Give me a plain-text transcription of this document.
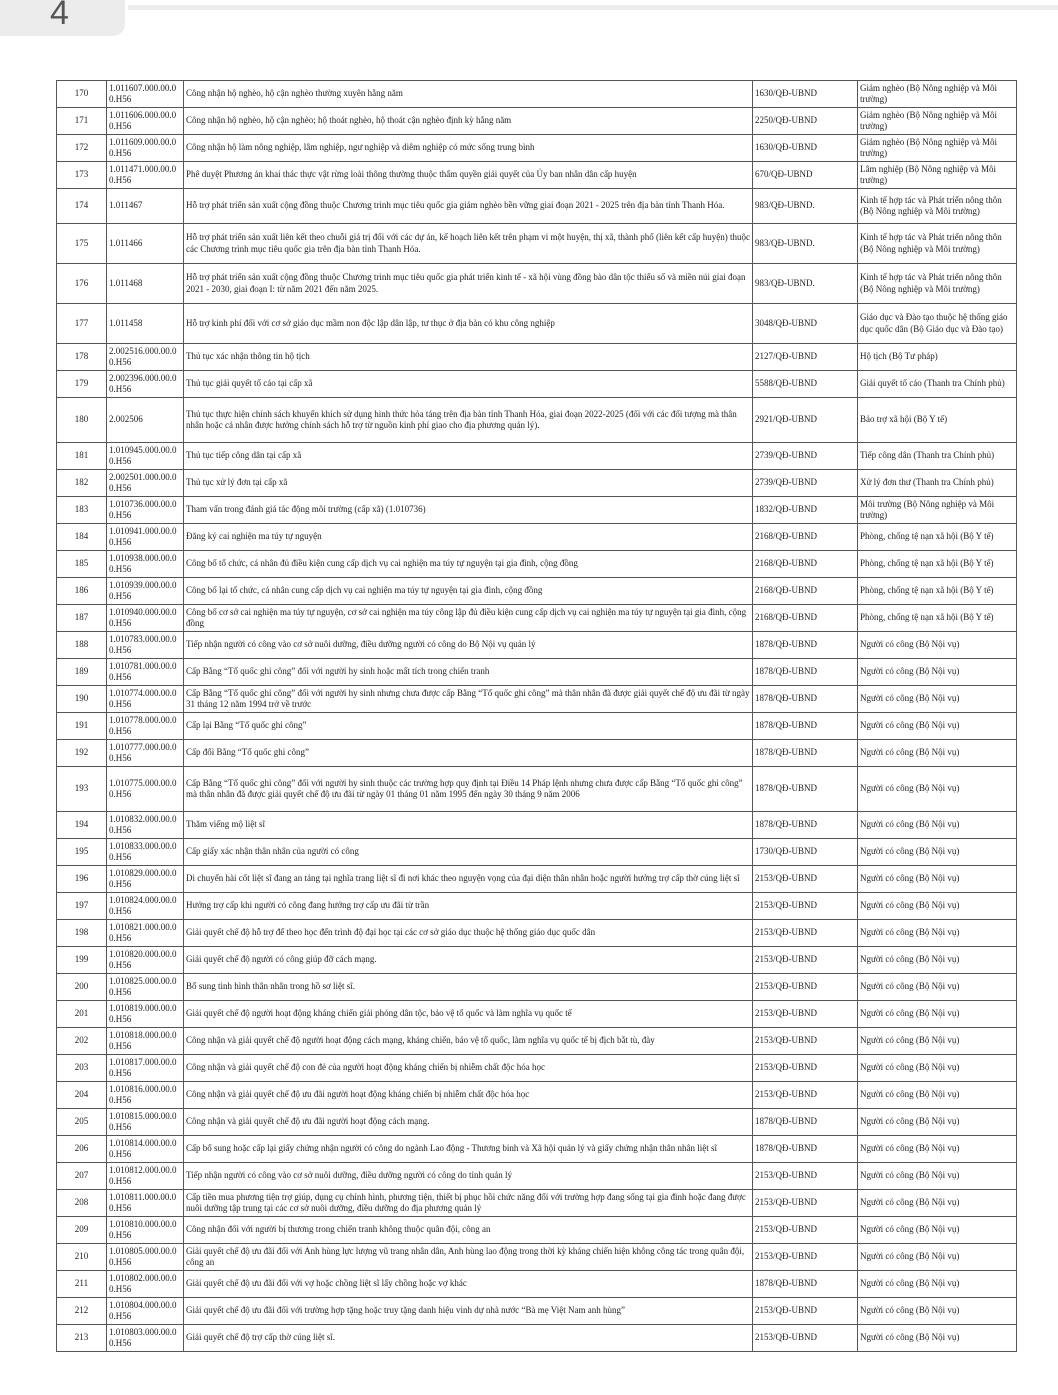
4
170	1.011607.000.00.00.H56	Công nhận hộ nghèo, hộ cận nghèo thường xuyên hằng năm	1630/QĐ-UBND	Giảm nghèo (Bộ Nông nghiệp và Môi trường)
171	1.011606.000.00.00.H56	Công nhận hộ nghèo, hộ cận nghèo; hộ thoát nghèo, hộ thoát cận nghèo định kỳ hằng năm	2250/QĐ-UBND	Giảm nghèo (Bộ Nông nghiệp và Môi trường)
172	1.011609.000.00.00.H56	Công nhận hộ làm nông nghiệp, lâm nghiệp, ngư nghiệp và diêm nghiệp có mức sống trung bình	1630/QĐ-UBND	Giảm nghèo (Bộ Nông nghiệp và Môi trường)
173	1.011471.000.00.00.H56	Phê duyệt Phương án khai thác thực vật rừng loài thông thường thuộc thẩm quyền giải quyết của Ủy ban nhân dân cấp huyện	670/QĐ-UBND	Lâm nghiệp (Bộ Nông nghiệp và Môi trường)
174	1.011467	Hỗ trợ phát triển sản xuất cộng đồng thuộc Chương trình mục tiêu quốc gia giảm nghèo bền vững giai đoạn 2021 - 2025 trên địa bàn tỉnh Thanh Hóa.	983/QĐ-UBND.	Kinh tế hợp tác và Phát triển nông thôn (Bộ Nông nghiệp và Môi trường)
175	1.011466	Hỗ trợ phát triển sản xuất liên kết theo chuỗi giá trị đối với các dự án, kế hoạch liên kết trên phạm vi một huyện, thị xã, thành phố (liên kết cấp huyện) thuộc các Chương trình mục tiêu quốc gia trên địa bàn tỉnh Thanh Hóa.	983/QĐ-UBND.	Kinh tế hợp tác và Phát triển nông thôn (Bộ Nông nghiệp và Môi trường)
176	1.011468	Hỗ trợ phát triển sản xuất cộng đồng thuộc Chương trình mục tiêu quốc gia phát triển kinh tế - xã hội vùng đồng bào dân tộc thiểu số và miền núi giai đoạn 2021 - 2030, giai đoạn I: từ năm 2021 đến năm 2025.	983/QĐ-UBND.	Kinh tế hợp tác và Phát triển nông thôn (Bộ Nông nghiệp và Môi trường)
177	1.011458	Hỗ trợ kinh phí đối với cơ sở giáo dục mầm non độc lập dân lập, tư thục ở địa bàn có khu công nghiệp	3048/QĐ-UBND	Giáo dục và Đào tạo thuộc hệ thống giáo dục quốc dân (Bộ Giáo dục và Đào tạo)
178	2.002516.000.00.00.H56	Thủ tục xác nhận thông tin hộ tịch	2127/QĐ-UBND	Hộ tịch (Bộ Tư pháp)
179	2.002396.000.00.00.H56	Thủ tục giải quyết tố cáo tại cấp xã	5588/QĐ-UBND	Giải quyết tố cáo (Thanh tra Chính phủ)
180	2.002506	Thủ tục thực hiện chính sách khuyến khích sử dụng hình thức hỏa táng trên địa bàn tỉnh Thanh Hóa, giai đoạn 2022-2025 (đối với các đối tượng mà thân nhân hoặc cá nhân được hưởng chính sách hỗ trợ từ nguồn kinh phí giao cho địa phương quản lý).	2921/QĐ-UBND	Bảo trợ xã hội (Bộ Y tế)
181	1.010945.000.00.00.H56	Thủ tục tiếp công dân tại cấp xã	2739/QĐ-UBND	Tiếp công dân (Thanh tra Chính phủ)
182	2.002501.000.00.00.H56	Thủ tục xử lý đơn tại cấp xã	2739/QĐ-UBND	Xử lý đơn thư (Thanh tra Chính phủ)
183	1.010736.000.00.00.H56	Tham vấn trong đánh giá tác động môi trường (cấp xã) (1.010736)	1832/QĐ-UBND	Môi trường (Bộ Nông nghiệp và Môi trường)
184	1.010941.000.00.00.H56	Đăng ký cai nghiện ma túy tự nguyện	2168/QĐ-UBND	Phòng, chống tệ nạn xã hội (Bộ Y tế)
185	1.010938.000.00.00.H56	Công bố tổ chức, cá nhân đủ điều kiện cung cấp dịch vụ cai nghiện ma túy tự nguyện tại gia đình, cộng đồng	2168/QĐ-UBND	Phòng, chống tệ nạn xã hội (Bộ Y tế)
186	1.010939.000.00.00.H56	Công bố lại tổ chức, cá nhân cung cấp dịch vụ cai nghiện ma túy tự nguyện tại gia đình, cộng đồng	2168/QĐ-UBND	Phòng, chống tệ nạn xã hội (Bộ Y tế)
187	1.010940.000.00.00.H56	Công bố cơ sở cai nghiện ma túy tự nguyện, cơ sở cai nghiện ma túy công lập đủ điều kiện cung cấp dịch vụ cai nghiện ma túy tự nguyện tại gia đình, cộng đồng	2168/QĐ-UBND	Phòng, chống tệ nạn xã hội (Bộ Y tế)
188	1.010783.000.00.00.H56	Tiếp nhận người có công vào cơ sở nuôi dưỡng, điều dưỡng người có công do Bộ Nội vụ quản lý	1878/QĐ-UBND	Người có công (Bộ Nội vụ)
189	1.010781.000.00.00.H56	Cấp Bằng “Tổ quốc ghi công” đối với người hy sinh hoặc mất tích trong chiến tranh	1878/QĐ-UBND	Người có công (Bộ Nội vụ)
190	1.010774.000.00.00.H56	Cấp Bằng “Tổ quốc ghi công” đối với người hy sinh nhưng chưa được cấp Bằng “Tổ quốc ghi công” mà thân nhân đã được giải quyết chế độ ưu đãi từ ngày 31 tháng 12 năm 1994 trở về trước	1878/QĐ-UBND	Người có công (Bộ Nội vụ)
191	1.010778.000.00.00.H56	Cấp lại Bằng “Tổ quốc ghi công”	1878/QĐ-UBND	Người có công (Bộ Nội vụ)
192	1.010777.000.00.00.H56	Cấp đổi Bằng “Tổ quốc ghi công”	1878/QĐ-UBND	Người có công (Bộ Nội vụ)
193	1.010775.000.00.00.H56	Cấp Bằng “Tổ quốc ghi công” đối với người hy sinh thuộc các trường hợp quy định tại Điều 14 Pháp lệnh nhưng chưa được cấp Bằng “Tổ quốc ghi công” mà thân nhân đã được giải quyết chế độ ưu đãi từ ngày 01 tháng 01 năm 1995 đến ngày 30 tháng 9 năm 2006	1878/QĐ-UBND	Người có công (Bộ Nội vụ)
194	1.010832.000.00.00.H56	Thăm viếng mộ liệt sĩ	1878/QĐ-UBND	Người có công (Bộ Nội vụ)
195	1.010833.000.00.00.H56	Cấp giấy xác nhận thân nhân của người có công	1730/QĐ-UBND	Người có công (Bộ Nội vụ)
196	1.010829.000.00.00.H56	Di chuyển hài cốt liệt sĩ đang an táng tại nghĩa trang liệt sĩ đi nơi khác theo nguyện vọng của đại diện thân nhân hoặc người hưởng trợ cấp thờ cúng liệt sĩ	2153/QĐ-UBND	Người có công (Bộ Nội vụ)
197	1.010824.000.00.00.H56	Hưởng trợ cấp khi người có công đang hưởng trợ cấp ưu đãi từ trần	2153/QĐ-UBND	Người có công (Bộ Nội vụ)
198	1.010821.000.00.00.H56	Giải quyết chế độ hỗ trợ để theo học đến trình độ đại học tại các cơ sở giáo dục thuộc hệ thống giáo dục quốc dân	2153/QĐ-UBND	Người có công (Bộ Nội vụ)
199	1.010820.000.00.00.H56	Giải quyết chế độ người có công giúp đỡ cách mạng.	2153/QĐ-UBND	Người có công (Bộ Nội vụ)
200	1.010825.000.00.00.H56	Bổ sung tình hình thân nhân trong hồ sơ liệt sĩ.	2153/QĐ-UBND	Người có công (Bộ Nội vụ)
201	1.010819.000.00.00.H56	Giải quyết chế độ người hoạt động kháng chiến giải phóng dân tộc, bảo vệ tổ quốc và làm nghĩa vụ quốc tế	2153/QĐ-UBND	Người có công (Bộ Nội vụ)
202	1.010818.000.00.00.H56	Công nhận và giải quyết chế độ người hoạt động cách mạng, kháng chiến, bảo vệ tổ quốc, làm nghĩa vụ quốc tế bị địch bắt tù, đày	2153/QĐ-UBND	Người có công (Bộ Nội vụ)
203	1.010817.000.00.00.H56	Công nhận và giải quyết chế độ con đẻ của người hoạt động kháng chiến bị nhiễm chất độc hóa học	2153/QĐ-UBND	Người có công (Bộ Nội vụ)
204	1.010816.000.00.00.H56	Công nhận và giải quyết chế độ ưu đãi người hoạt động kháng chiến bị nhiễm chất độc hóa học	2153/QĐ-UBND	Người có công (Bộ Nội vụ)
205	1.010815.000.00.00.H56	Công nhận và giải quyết chế độ ưu đãi người hoạt động cách mạng.	1878/QĐ-UBND	Người có công (Bộ Nội vụ)
206	1.010814.000.00.00.H56	Cấp bổ sung hoặc cấp lại giấy chứng nhận người có công do ngành Lao động - Thương binh và Xã hội quản lý và giấy chứng nhận thân nhân liệt sĩ	1878/QĐ-UBND	Người có công (Bộ Nội vụ)
207	1.010812.000.00.00.H56	Tiếp nhận người có công vào cơ sở nuôi dưỡng, điều dưỡng người có công do tỉnh quản lý	2153/QĐ-UBND	Người có công (Bộ Nội vụ)
208	1.010811.000.00.00.H56	Cấp tiền mua phương tiện trợ giúp, dụng cụ chỉnh hình, phương tiện, thiết bị phục hồi chức năng đối với trường hợp đang sống tại gia đình hoặc đang được nuôi dưỡng tập trung tại các cơ sở nuôi dưỡng, điều dưỡng do địa phương quản lý	2153/QĐ-UBND	Người có công (Bộ Nội vụ)
209	1.010810.000.00.00.H56	Công nhận đối với người bị thương trong chiến tranh không thuộc quân đội, công an	2153/QĐ-UBND	Người có công (Bộ Nội vụ)
210	1.010805.000.00.00.H56	Giải quyết chế độ ưu đãi đối với Anh hùng lực lượng vũ trang nhân dân, Anh hùng lao động trong thời kỳ kháng chiến hiện không công tác trong quân đội, công an	2153/QĐ-UBND	Người có công (Bộ Nội vụ)
211	1.010802.000.00.00.H56	Giải quyết chế độ ưu đãi đối với vợ hoặc chồng liệt sĩ lấy chồng hoặc vợ khác	1878/QĐ-UBND	Người có công (Bộ Nội vụ)
212	1.010804.000.00.00.H56	Giải quyết chế độ ưu đãi đối với trường hợp tặng hoặc truy tặng danh hiệu vinh dự nhà nước “Bà mẹ Việt Nam anh hùng”	2153/QĐ-UBND	Người có công (Bộ Nội vụ)
213	1.010803.000.00.00.H56	Giải quyết chế độ trợ cấp thờ cúng liệt sĩ.	2153/QĐ-UBND	Người có công (Bộ Nội vụ)
